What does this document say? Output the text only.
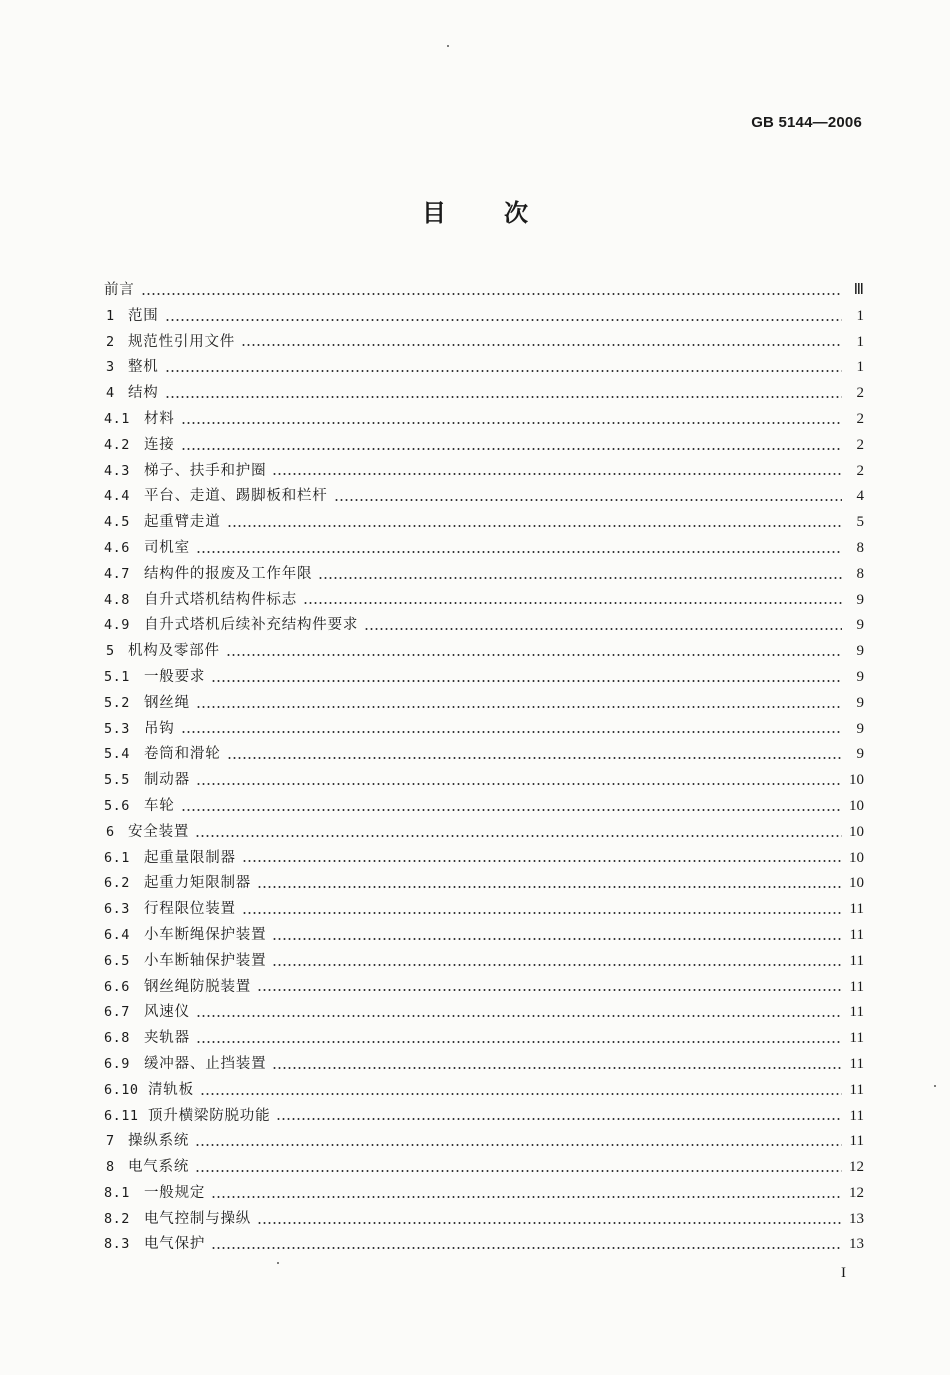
GB 5144—2006
目 次
前言	Ⅲ
1 范围	1
2 规范性引用文件	1
3 整机	1
4 结构	2
4.1 材料	2
4.2 连接	2
4.3 梯子、扶手和护圈	2
4.4 平台、走道、踢脚板和栏杆	4
4.5 起重臂走道	5
4.6 司机室	8
4.7 结构件的报废及工作年限	8
4.8 自升式塔机结构件标志	9
4.9 自升式塔机后续补充结构件要求	9
5 机构及零部件	9
5.1 一般要求	9
5.2 钢丝绳	9
5.3 吊钩	9
5.4 卷筒和滑轮	9
5.5 制动器	10
5.6 车轮	10
6 安全装置	10
6.1 起重量限制器	10
6.2 起重力矩限制器	10
6.3 行程限位装置	11
6.4 小车断绳保护装置	11
6.5 小车断轴保护装置	11
6.6 钢丝绳防脱装置	11
6.7 风速仪	11
6.8 夹轨器	11
6.9 缓冲器、止挡装置	11
6.10 清轨板	11
6.11 顶升横梁防脱功能	11
7 操纵系统	11
8 电气系统	12
8.1 一般规定	12
8.2 电气控制与操纵	13
8.3 电气保护	13
I
